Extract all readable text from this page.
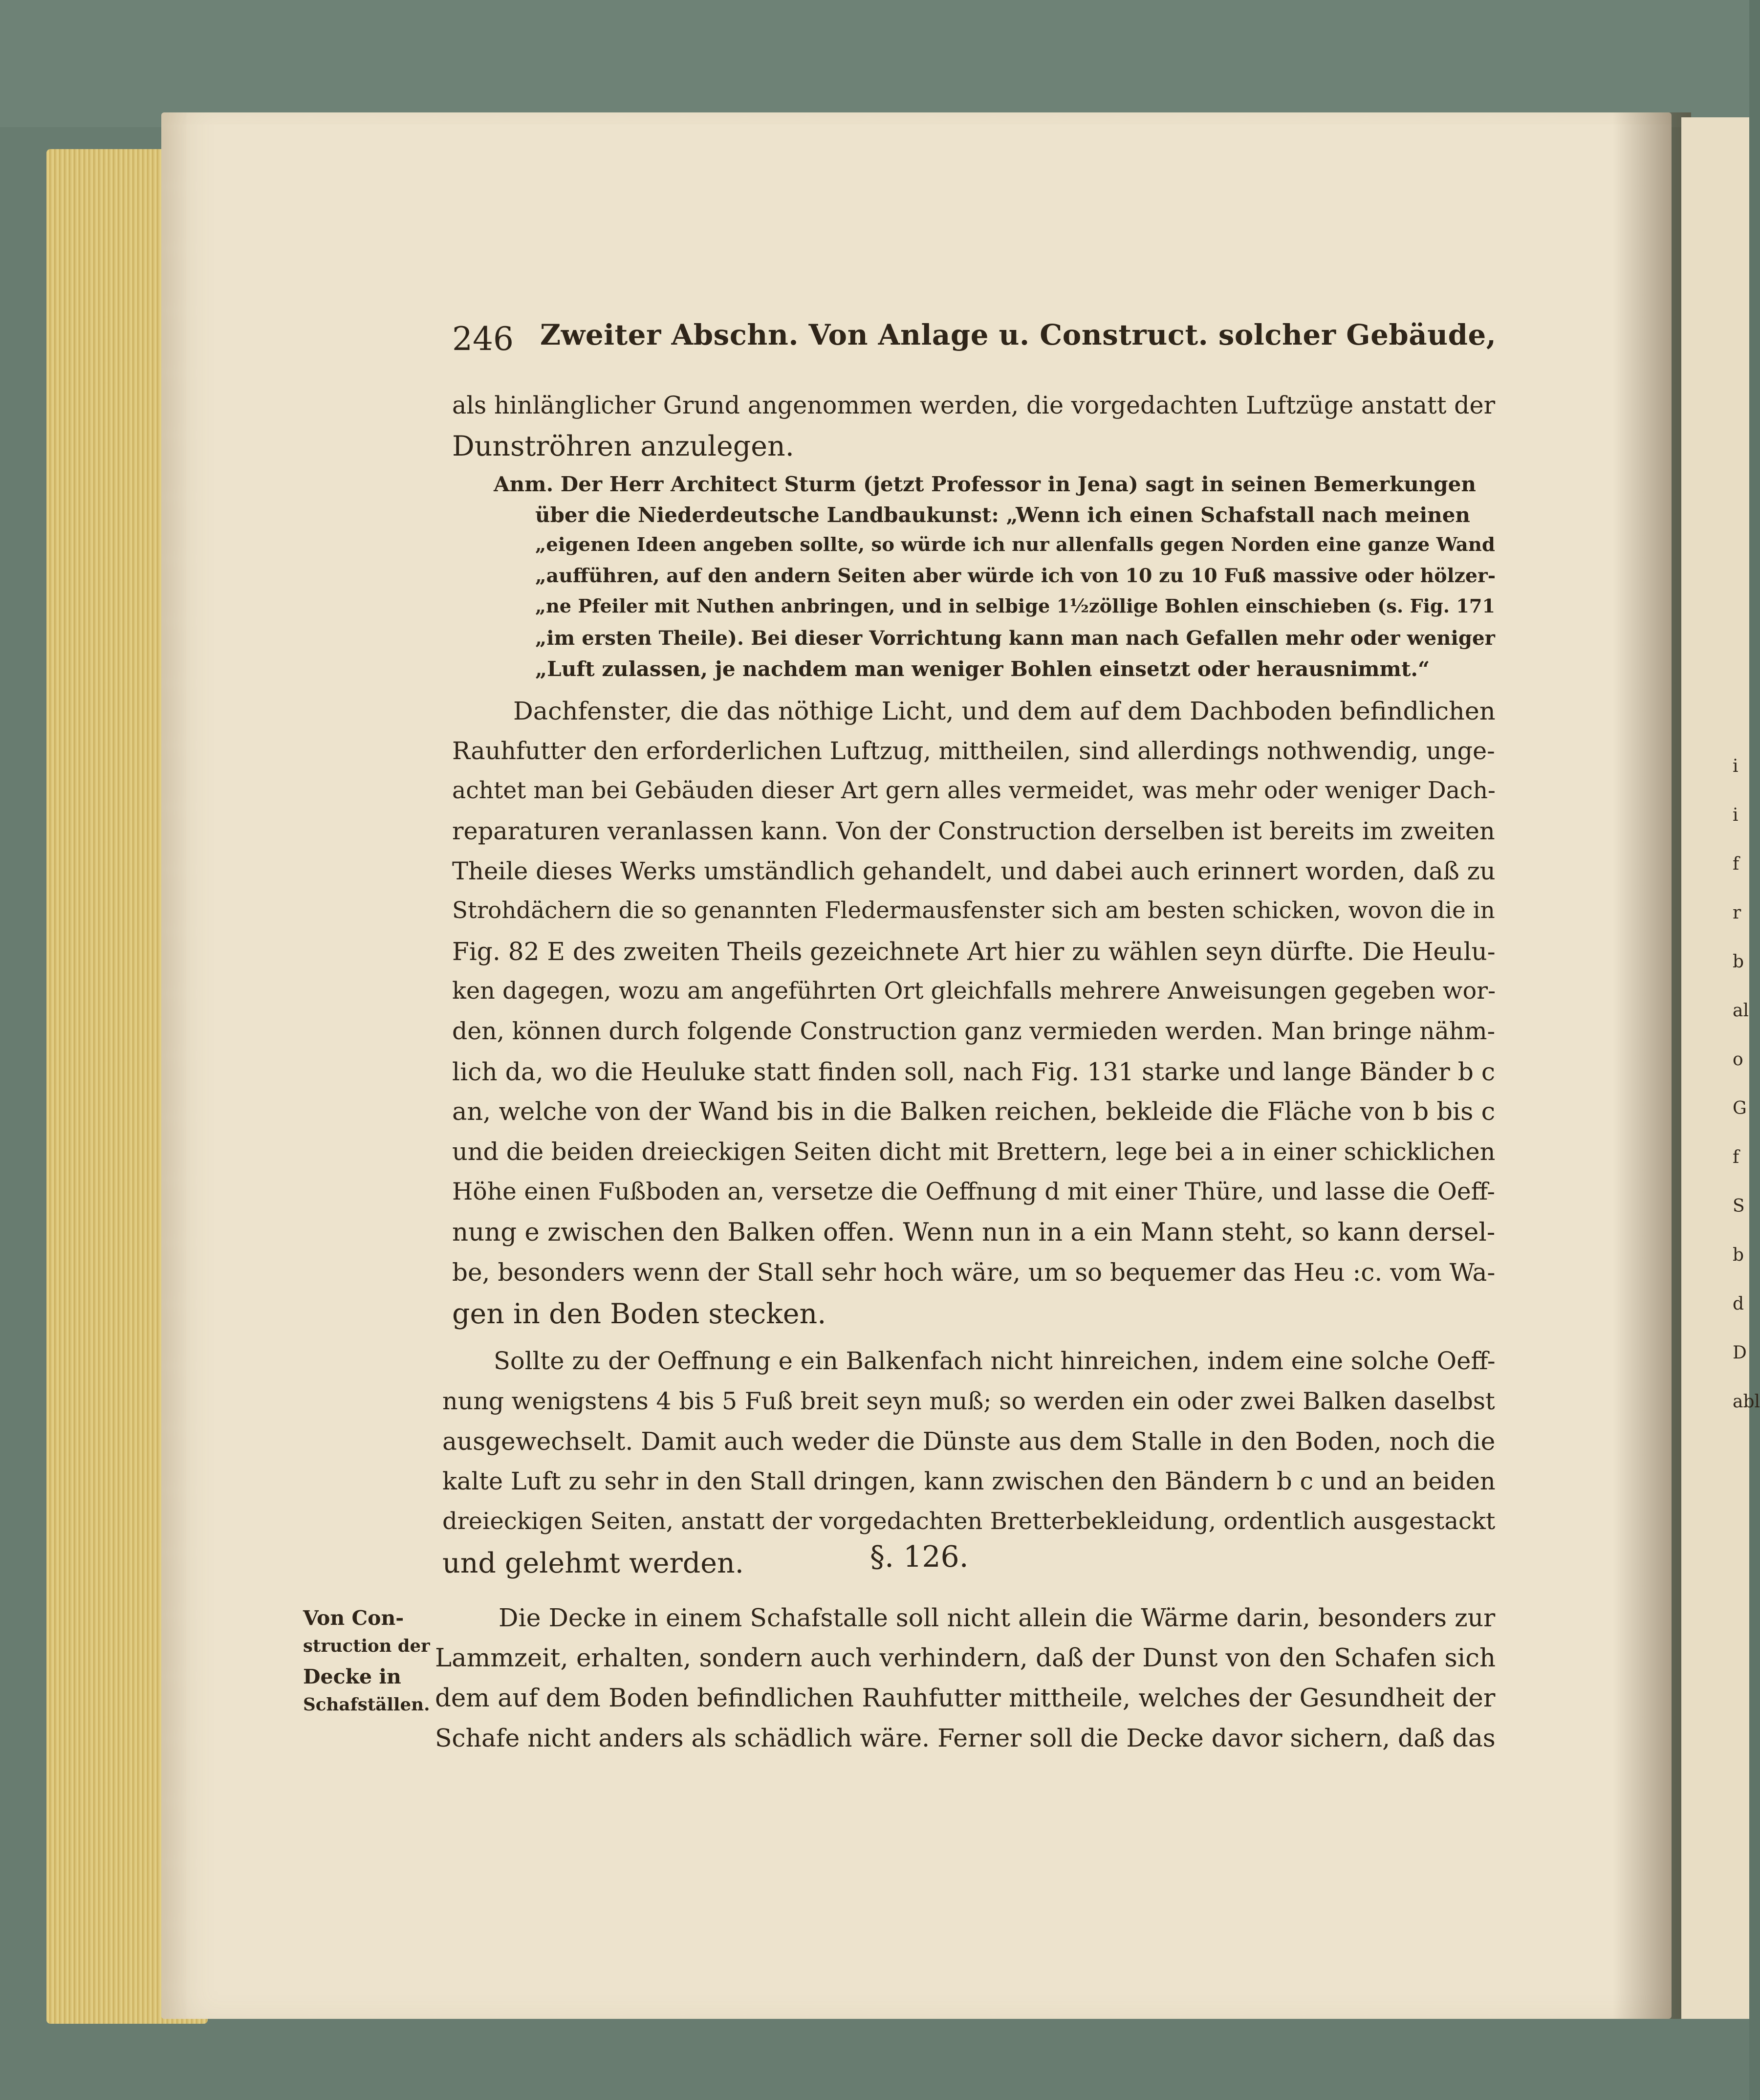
i
i
f
r
b
al
o
G
f
S
b
d
D
abl
246 Zweiter Abschn. Von Anlage u. Construct. solcher Gebäude,
als hinlänglicher Grund angenommen werden, die vorgedachten Luftzüge anstatt der
Dunströhren anzulegen.
Anm. Der Herr Architect Sturm (jetzt Professor in Jena) sagt in seinen Bemerkungen
über die Niederdeutsche Landbaukunst: „Wenn ich einen Schafstall nach meinen
„eigenen Ideen angeben sollte, so würde ich nur allenfalls gegen Norden eine ganze Wand
„aufführen, auf den andern Seiten aber würde ich von 10 zu 10 Fuß massive oder hölzer-
„ne Pfeiler mit Nuthen anbringen, und in selbige 1½zöllige Bohlen einschieben (s. Fig. 171
„im ersten Theile). Bei dieser Vorrichtung kann man nach Gefallen mehr oder weniger
„Luft zulassen, je nachdem man weniger Bohlen einsetzt oder herausnimmt.“
Dachfenster, die das nöthige Licht, und dem auf dem Dachboden befindlichen
Rauhfutter den erforderlichen Luftzug, mittheilen, sind allerdings nothwendig, unge-
achtet man bei Gebäuden dieser Art gern alles vermeidet, was mehr oder weniger Dach-
reparaturen veranlassen kann. Von der Construction derselben ist bereits im zweiten
Theile dieses Werks umständlich gehandelt, und dabei auch erinnert worden, daß zu
Strohdächern die so genannten Fledermausfenster sich am besten schicken, wovon die in
Fig. 82 E des zweiten Theils gezeichnete Art hier zu wählen seyn dürfte. Die Heulu-
ken dagegen, wozu am angeführten Ort gleichfalls mehrere Anweisungen gegeben wor-
den, können durch folgende Construction ganz vermieden werden. Man bringe nähm-
lich da, wo die Heuluke statt finden soll, nach Fig. 131 starke und lange Bänder b c
an, welche von der Wand bis in die Balken reichen, bekleide die Fläche von b bis c
und die beiden dreieckigen Seiten dicht mit Brettern, lege bei a in einer schicklichen
Höhe einen Fußboden an, versetze die Oeffnung d mit einer Thüre, und lasse die Oeff-
nung e zwischen den Balken offen. Wenn nun in a ein Mann steht, so kann dersel-
be, besonders wenn der Stall sehr hoch wäre, um so bequemer das Heu :c. vom Wa-
gen in den Boden stecken.
Sollte zu der Oeffnung e ein Balkenfach nicht hinreichen, indem eine solche Oeff-
nung wenigstens 4 bis 5 Fuß breit seyn muß; so werden ein oder zwei Balken daselbst
ausgewechselt. Damit auch weder die Dünste aus dem Stalle in den Boden, noch die
kalte Luft zu sehr in den Stall dringen, kann zwischen den Bändern b c und an beiden
dreieckigen Seiten, anstatt der vorgedachten Bretterbekleidung, ordentlich ausgestackt
und gelehmt werden.	§. 126.
Von Con-
struction der
Decke in
Schafställen.
Die Decke in einem Schafstalle soll nicht allein die Wärme darin, besonders zur
Lammzeit, erhalten, sondern auch verhindern, daß der Dunst von den Schafen sich
dem auf dem Boden befindlichen Rauhfutter mittheile, welches der Gesundheit der
Schafe nicht anders als schädlich wäre. Ferner soll die Decke davor sichern, daß das
